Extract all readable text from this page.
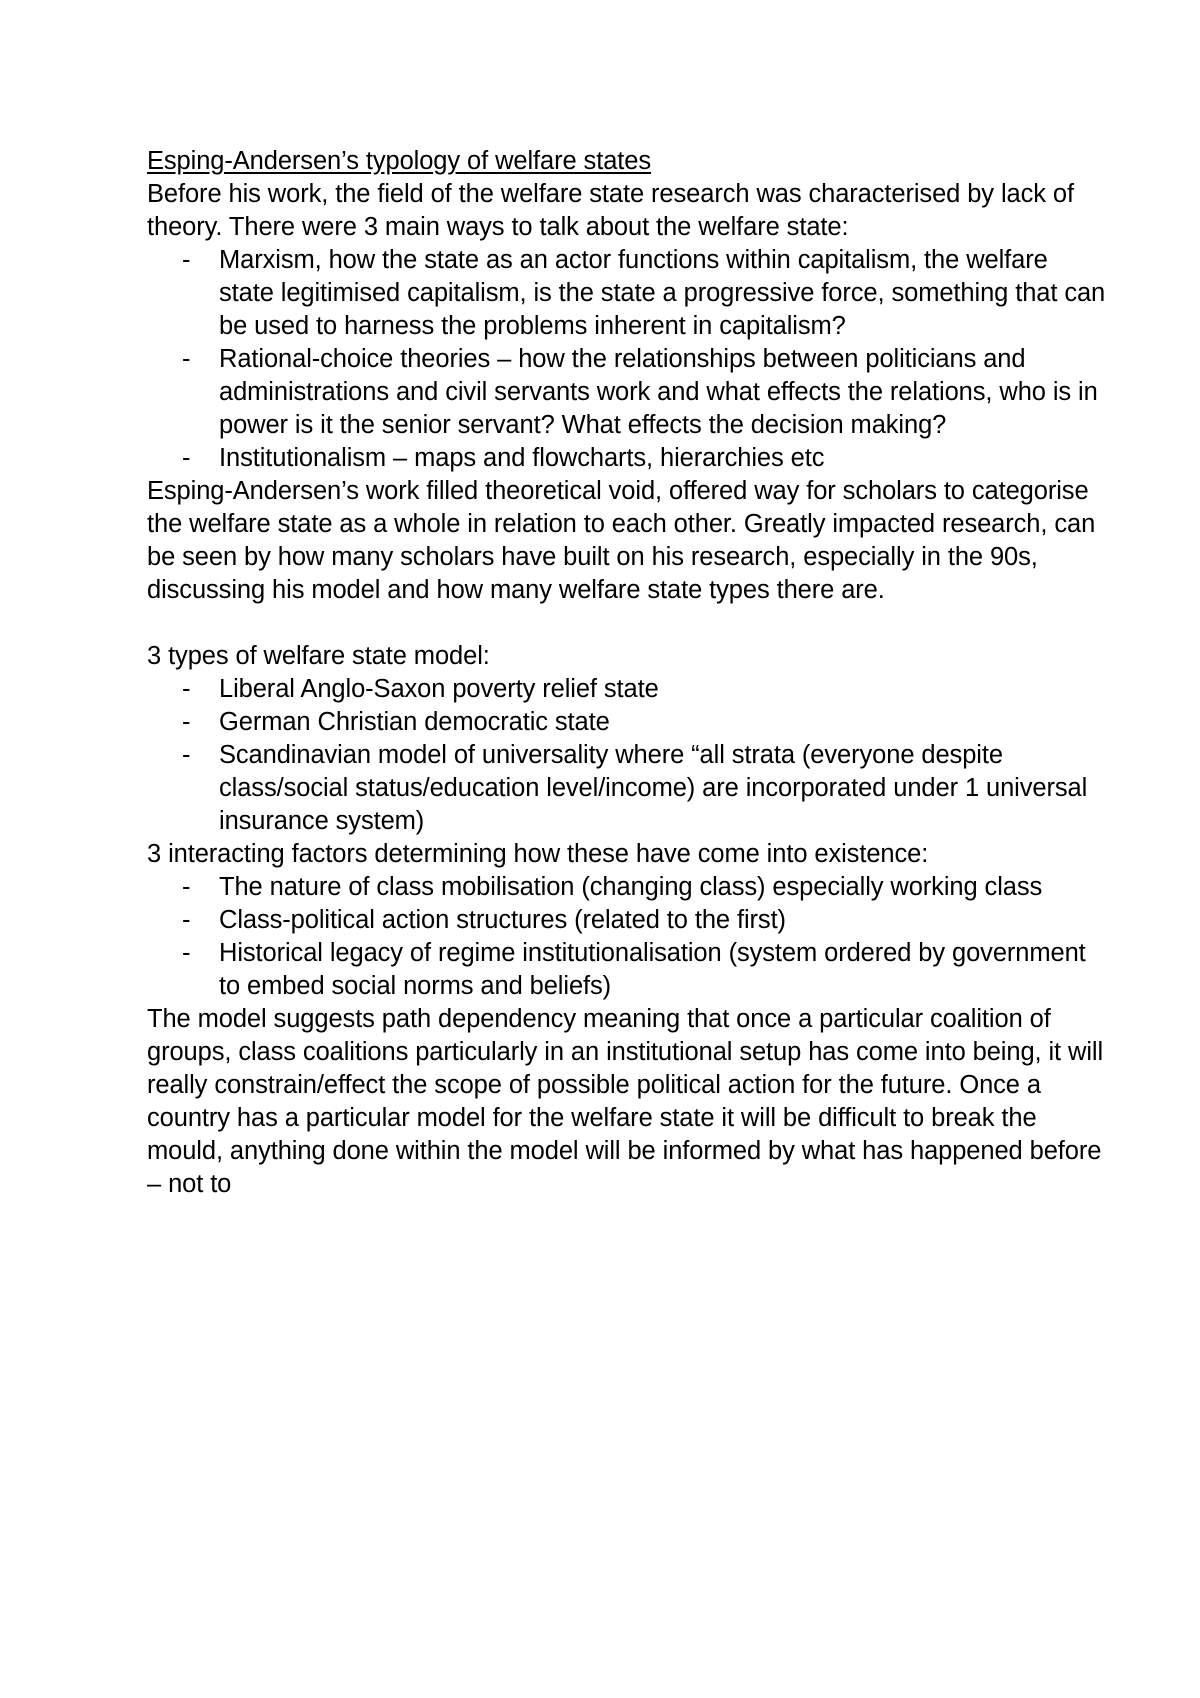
Esping-Andersen’s typology of welfare states

Before his work, the field of the welfare state research was characterised by lack of theory. There were 3 main ways to talk about the welfare state:

- Marxism, how the state as an actor functions within capitalism, the welfare state legitimised capitalism, is the state a progressive force, something that can be used to harness the problems inherent in capitalism?
- Rational-choice theories – how the relationships between politicians and administrations and civil servants work and what effects the relations, who is in power is it the senior servant? What effects the decision making?
- Institutionalism – maps and flowcharts, hierarchies etc

Esping-Andersen’s work filled theoretical void, offered way for scholars to categorise the welfare state as a whole in relation to each other. Greatly impacted research, can be seen by how many scholars have built on his research, especially in the 90s, discussing his model and how many welfare state types there are.

3 types of welfare state model:

- Liberal Anglo-Saxon poverty relief state
- German Christian democratic state
- Scandinavian model of universality where “all strata (everyone despite class/social status/education level/income) are incorporated under 1 universal insurance system)

3 interacting factors determining how these have come into existence:

- The nature of class mobilisation (changing class) especially working class
- Class-political action structures (related to the first)
- Historical legacy of regime institutionalisation (system ordered by government to embed social norms and beliefs)

The model suggests path dependency meaning that once a particular coalition of groups, class coalitions particularly in an institutional setup has come into being, it will really constrain/effect the scope of possible political action for the future. Once a country has a particular model for the welfare state it will be difficult to break the mould, anything done within the model will be informed by what has happened before – not to
